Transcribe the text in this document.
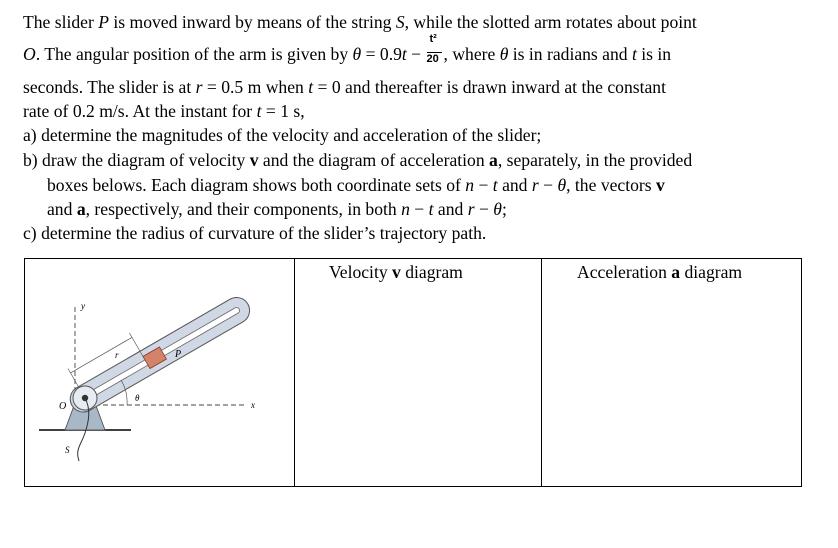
The slider P is moved inward by means of the string S, while the slotted arm rotates about point
O. The angular position of the arm is given by $\theta = 0.9t - \frac{\text{t²}}{20}$ , where θ is in radians and t is in
seconds. The slider is at r = 0.5 m when t = 0 and thereafter is drawn inward at the constant
rate of 0.2 m/s. At the instant for t = 1 s,
a) determine the magnitudes of the velocity and acceleration of the slider;
b) draw the diagram of velocity v and the diagram of acceleration a, separately, in the provided
boxes belows. Each diagram shows both coordinate sets of n − t and r − θ, the vectors v
and a, respectively, and their components, in both n − t and r − θ;
c) determine the radius of curvature of the slider’s trajectory path.
Velocity v diagram	Acceleration a diagram
y
x
r	P
O
θ
S
